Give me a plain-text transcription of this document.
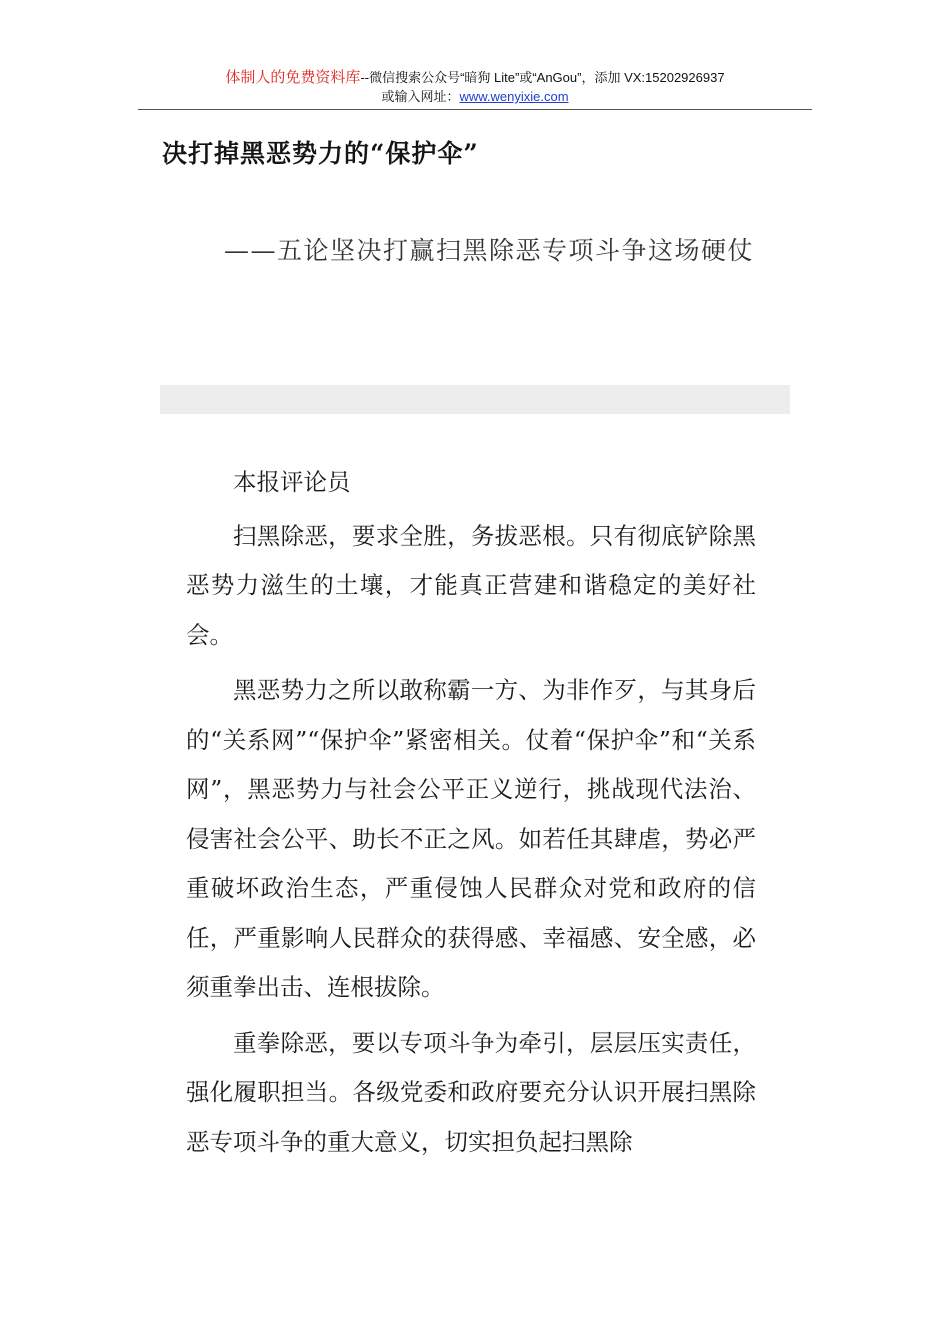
体制人的免费资料库--微信搜索公众号“暗狗 Lite”或“AnGou”，添加 VX:15202926937
或输入网址：www.wenyixie.com
决打掉黑恶势力的“保护伞”
——五论坚决打赢扫黑除恶专项斗争这场硬仗

本报评论员

扫黑除恶，要求全胜，务拔恶根。只有彻底铲除黑恶势力滋生的土壤，才能真正营建和谐稳定的美好社会。

黑恶势力之所以敢称霸一方、为非作歹，与其身后的“关系网”“保护伞”紧密相关。仗着“保护伞”和“关系网”，黑恶势力与社会公平正义逆行，挑战现代法治、侵害社会公平、助长不正之风。如若任其肆虐，势必严重破坏政治生态，严重侵蚀人民群众对党和政府的信任，严重影响人民群众的获得感、幸福感、安全感，必须重拳出击、连根拔除。

重拳除恶，要以专项斗争为牵引，层层压实责任，强化履职担当。各级党委和政府要充分认识开展扫黑除恶专项斗争的重大意义，切实担负起扫黑除
